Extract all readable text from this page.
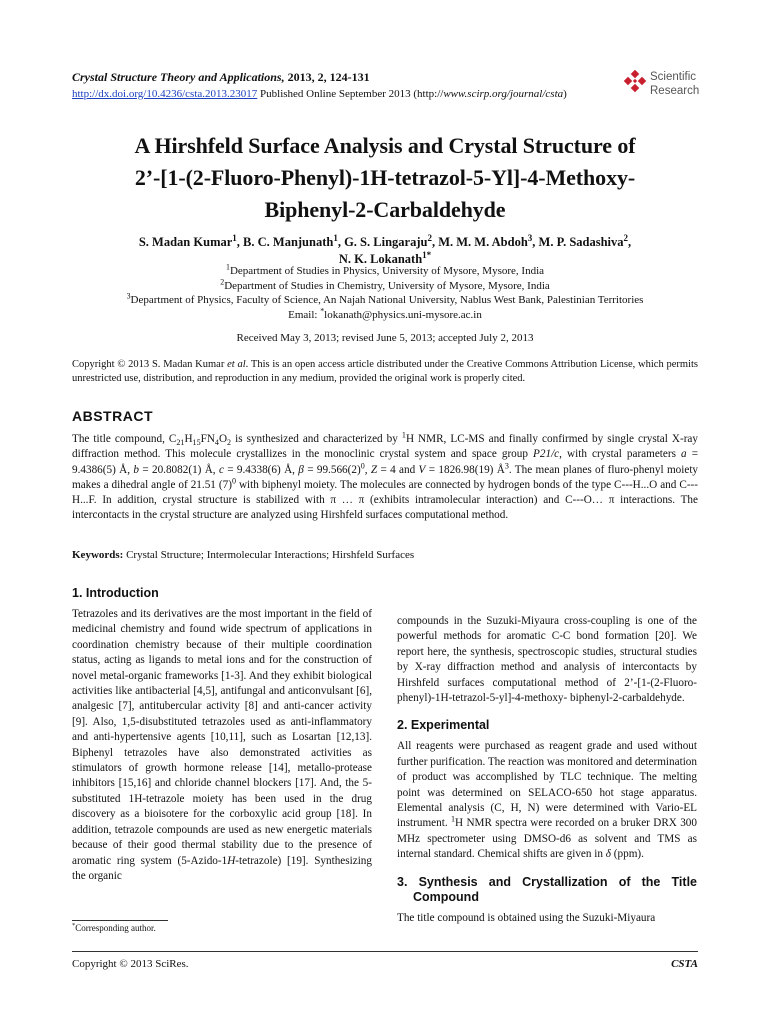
Crystal Structure Theory and Applications, 2013, 2, 124-131
http://dx.doi.org/10.4236/csta.2013.23017 Published Online September 2013 (http://www.scirp.org/journal/csta)
Scientific
Research
A Hirshfeld Surface Analysis and Crystal Structure of
2’-[1-(2-Fluoro-Phenyl)-1H-tetrazol-5-Yl]-4-Methoxy-
Biphenyl-2-Carbaldehyde
S. Madan Kumar$^1$, B. C. Manjunath$^1$, G. S. Lingaraju$^2$, M. M. M. Abdoh$^3$, M. P. Sadashiva$^2$,
N. K. Lokanath$^{1*}$
$^1$Department of Studies in Physics, University of Mysore, Mysore, India
$^2$Department of Studies in Chemistry, University of Mysore, Mysore, India
$^3$Department of Physics, Faculty of Science, An Najah National University, Nablus West Bank, Palestinian Territories
Email: *lokanath@physics.uni-mysore.ac.in
Received May 3, 2013; revised June 5, 2013; accepted July 2, 2013
Copyright © 2013 S. Madan Kumar et al. This is an open access article distributed under the Creative Commons Attribution License, which permits unrestricted use, distribution, and reproduction in any medium, provided the original work is properly cited.
ABSTRACT
The title compound, $C_{21}H_{15}FN_4O_2$ is synthesized and characterized by $^1$H NMR, LC-MS and finally confirmed by single crystal X-ray diffraction method. This molecule crystallizes in the monoclinic crystal system and space group P21/c, with crystal parameters a = 9.4386(5) Å, b = 20.8082(1) Å, c = 9.4338(6) Å, $\beta = 99.566(2)^0$, Z = 4 and V = 1826.98(19) $Å^3$. The mean planes of fluro-phenyl moiety makes a dihedral angle of 21.51 $(7)^0$ with biphenyl moiety. The molecules are connected by hydrogen bonds of the type C---H...O and C---H...F. In addition, crystal structure is stabilized with π … π (exhibits intramolecular interaction) and C---O… π interactions. The intercontacts in the crystal structure are analyzed using Hirshfeld surfaces computational method.
Keywords: Crystal Structure; Intermolecular Interactions; Hirshfeld Surfaces
1. Introduction

Tetrazoles and its derivatives are the most important in the field of medicinal chemistry and found wide spectrum of applications in coordination chemistry because of their multiple coordination status, acting as ligands to metal ions and for the construction of novel metal-organic frameworks [1-3]. And they exhibit biological activities like antibacterial [4,5], antifungal and anticonvulsant [6], analgesic [7], antitubercular activity [8] and anti-cancer activity [9]. Also, 1,5-disubstituted tetrazoles used as anti-inflammatory and anti-hypertensive agents [10,11], such as Losartan [12,13]. Biphenyl tetrazoles have also demonstrated activities as stimulators of growth hormone release [14], metallo-protease inhibitors [15,16] and chloride channel blockers [17]. And, the 5-substituted 1H-tetrazole moiety has been used in the drug discovery as a bioisotere for the corboxylic acid group [18]. In addition, tetrazole compounds are used as new energetic materials because of their good thermal stability due to the presence of aromatic ring system (5-Azido-1H-tetrazole) [19]. Synthesizing the organic

compounds in the Suzuki-Miyaura cross-coupling is one of the powerful methods for aromatic C-C bond formation [20]. We report here, the synthesis, spectroscopic studies, structural studies by X-ray diffraction method and analysis of intercontacts by Hirshfeld surfaces computational method of 2’-[1-(2-Fluoro-phenyl)-1H-tetrazol-5-yl]-4-methoxy- biphenyl-2-carbaldehyde.

2. Experimental

All reagents were purchased as reagent grade and used without further purification. The reaction was monitored and determination of product was accomplished by TLC technique. The melting point was determined on SELACO-650 hot stage apparatus. Elemental analysis (C, H, N) were determined with Vario-EL instrument. $^1$H NMR spectra were recorded on a bruker DRX 300 MHz spectrometer using DMSO-d6 as solvent and TMS as internal standard. Chemical shifts are given in δ (ppm).

3. Synthesis and Crystallization of the Title Compound

The title compound is obtained using the Suzuki-Miyaura

*Corresponding author.
Copyright © 2013 SciRes.	CSTA
